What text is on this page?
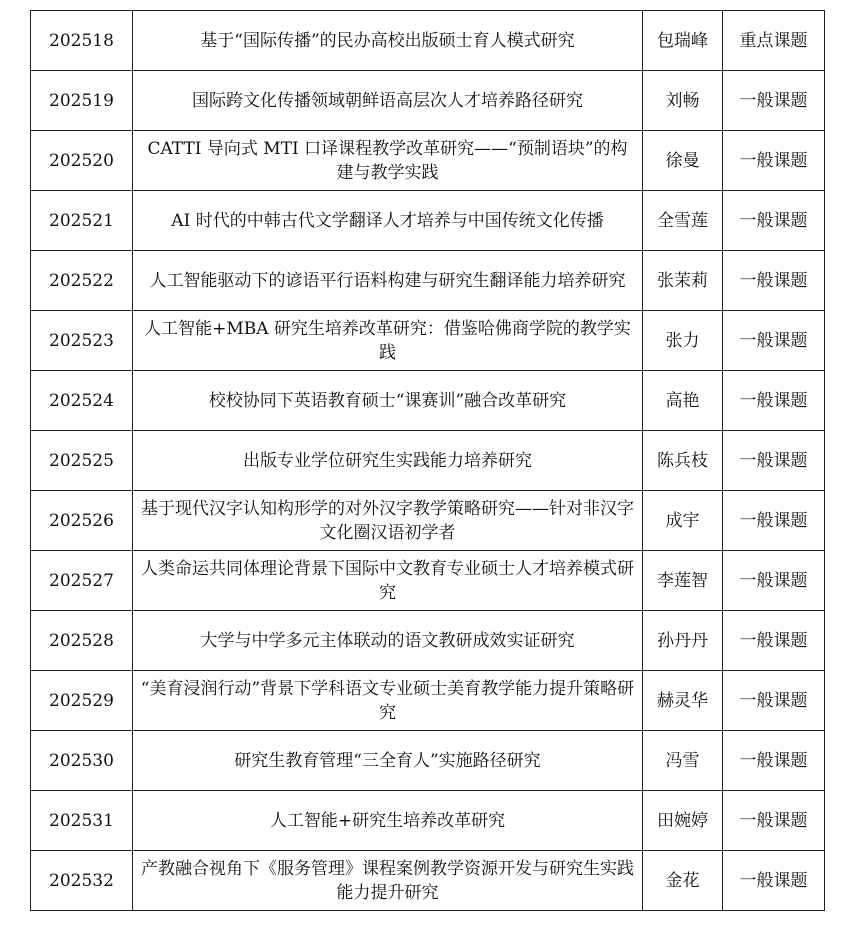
202518	基于“国际传播”的民办高校出版硕士育人模式研究	包瑞峰	重点课题
202519	国际跨文化传播领域朝鲜语高层次人才培养路径研究	刘畅	一般课题
202520	CATTI 导向式 MTI 口译课程教学改革研究——“预制语块”的构建与教学实践	徐曼	一般课题
202521	AI 时代的中韩古代文学翻译人才培养与中国传统文化传播	全雪莲	一般课题
202522	人工智能驱动下的谚语平行语料构建与研究生翻译能力培养研究	张茉莉	一般课题
202523	人工智能+MBA 研究生培养改革研究：借鉴哈佛商学院的教学实践	张力	一般课题
202524	校校协同下英语教育硕士“课赛训”融合改革研究	高艳	一般课题
202525	出版专业学位研究生实践能力培养研究	陈兵枝	一般课题
202526	基于现代汉字认知构形学的对外汉字教学策略研究——针对非汉字文化圈汉语初学者	成宇	一般课题
202527	人类命运共同体理论背景下国际中文教育专业硕士人才培养模式研究	李莲智	一般课题
202528	大学与中学多元主体联动的语文教研成效实证研究	孙丹丹	一般课题
202529	“美育浸润行动”背景下学科语文专业硕士美育教学能力提升策略研究	赫灵华	一般课题
202530	研究生教育管理“三全育人”实施路径研究	冯雪	一般课题
202531	人工智能+研究生培养改革研究	田婉婷	一般课题
202532	产教融合视角下《服务管理》课程案例教学资源开发与研究生实践能力提升研究	金花	一般课题
